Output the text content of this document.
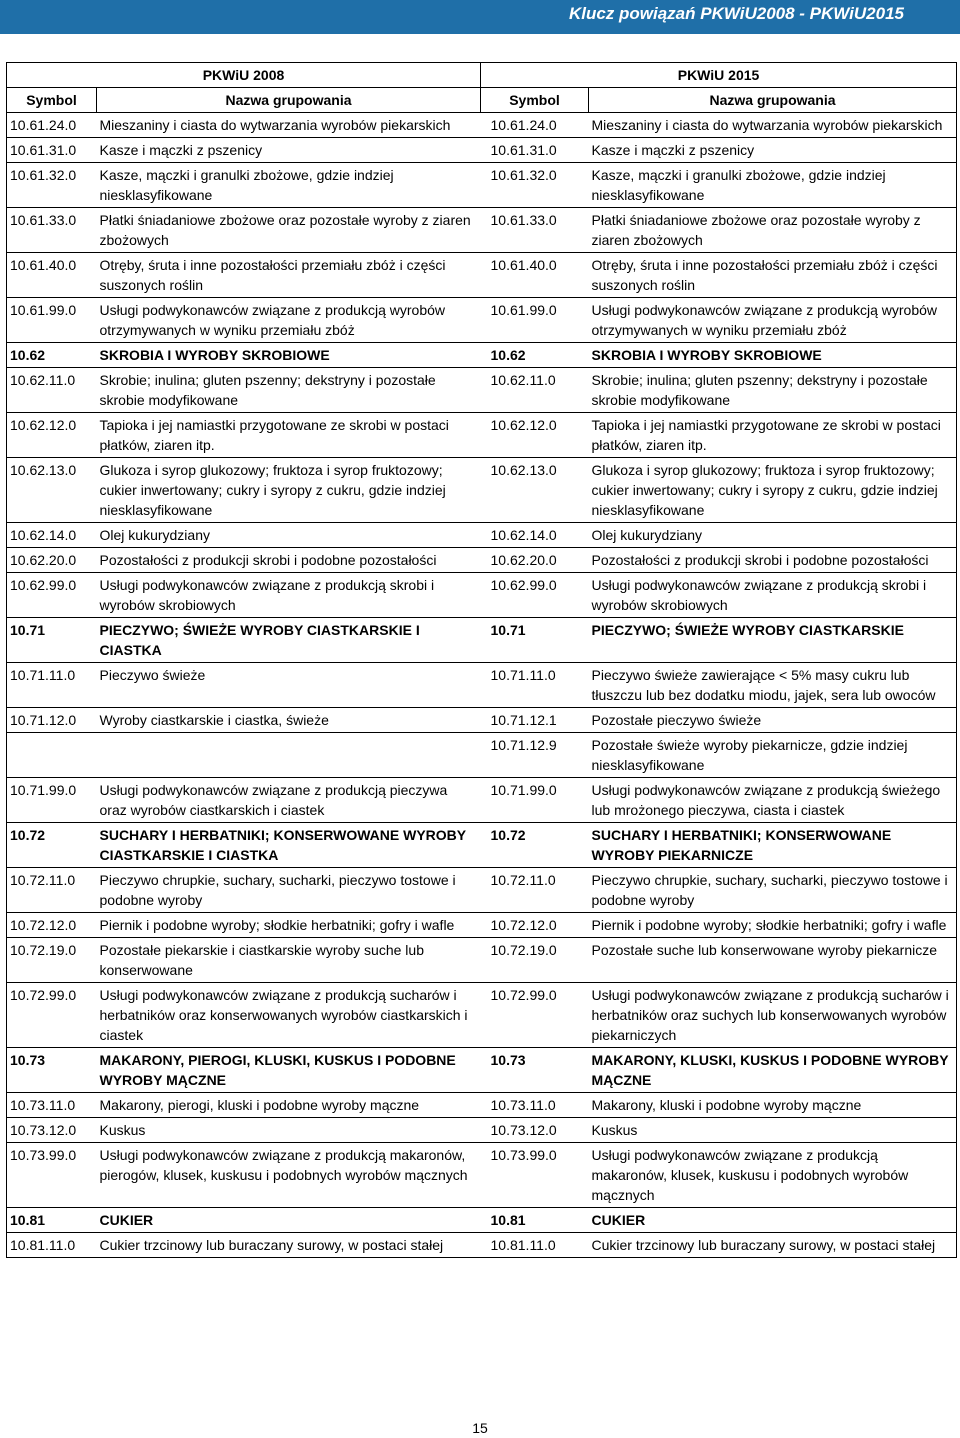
Klucz powiązań PKWiU2008 - PKWiU2015
PKWiU 2008		PKWiU 2015	
Symbol	Nazwa grupowania	Symbol	Nazwa grupowania
10.61.24.0	Mieszaniny i ciasta do wytwarzania wyrobów piekarskich	10.61.24.0	Mieszaniny i ciasta do wytwarzania wyrobów piekarskich
10.61.31.0	Kasze i mączki z pszenicy	10.61.31.0	Kasze i mączki z pszenicy
10.61.32.0	Kasze, mączki i granulki zbożowe, gdzie indziej niesklasyfikowane	10.61.32.0	Kasze, mączki i granulki zbożowe, gdzie indziej niesklasyfikowane
10.61.33.0	Płatki śniadaniowe zbożowe oraz pozostałe wyroby z ziaren zbożowych	10.61.33.0	Płatki śniadaniowe zbożowe oraz pozostałe wyroby z ziaren zbożowych
10.61.40.0	Otręby, śruta i inne pozostałości przemiału zbóż i części suszonych roślin	10.61.40.0	Otręby, śruta i inne pozostałości przemiału zbóż i części suszonych roślin
10.61.99.0	Usługi podwykonawców związane z produkcją wyrobów otrzymywanych w wyniku przemiału zbóż	10.61.99.0	Usługi podwykonawców związane z produkcją wyrobów otrzymywanych w wyniku przemiału zbóż
10.62	SKROBIA I WYROBY SKROBIOWE	10.62	SKROBIA I WYROBY SKROBIOWE
10.62.11.0	Skrobie; inulina; gluten pszenny; dekstryny i pozostałe skrobie modyfikowane	10.62.11.0	Skrobie; inulina; gluten pszenny; dekstryny i pozostałe skrobie modyfikowane
10.62.12.0	Tapioka i jej namiastki przygotowane ze skrobi w postaci płatków, ziaren itp.	10.62.12.0	Tapioka i jej namiastki przygotowane ze skrobi w postaci płatków, ziaren itp.
10.62.13.0	Glukoza i syrop glukozowy; fruktoza i syrop fruktozowy; cukier inwertowany; cukry i syropy z cukru, gdzie indziej niesklasyfikowane	10.62.13.0	Glukoza i syrop glukozowy; fruktoza i syrop fruktozowy; cukier inwertowany; cukry i syropy z cukru, gdzie indziej niesklasyfikowane
10.62.14.0	Olej kukurydziany	10.62.14.0	Olej kukurydziany
10.62.20.0	Pozostałości z produkcji skrobi i podobne pozostałości	10.62.20.0	Pozostałości z produkcji skrobi i podobne pozostałości
10.62.99.0	Usługi podwykonawców związane z produkcją skrobi i wyrobów skrobiowych	10.62.99.0	Usługi podwykonawców związane z produkcją skrobi i wyrobów skrobiowych
10.71	PIECZYWO; ŚWIEŻE WYROBY CIASTKARSKIE I CIASTKA	10.71	PIECZYWO; ŚWIEŻE WYROBY CIASTKARSKIE
10.71.11.0	Pieczywo świeże	10.71.11.0	Pieczywo świeże zawierające < 5% masy cukru lub tłuszczu lub bez dodatku miodu, jajek, sera lub owoców
10.71.12.0	Wyroby ciastkarskie i ciastka, świeże	10.71.12.1	Pozostałe pieczywo świeże
		10.71.12.9	Pozostałe świeże wyroby piekarnicze, gdzie indziej niesklasyfikowane
10.71.99.0	Usługi podwykonawców związane z produkcją pieczywa oraz wyrobów ciastkarskich i ciastek	10.71.99.0	Usługi podwykonawców związane z produkcją świeżego lub mrożonego pieczywa, ciasta i ciastek
10.72	SUCHARY I HERBATNIKI; KONSERWOWANE WYROBY CIASTKARSKIE I CIASTKA	10.72	SUCHARY I HERBATNIKI; KONSERWOWANE WYROBY PIEKARNICZE
10.72.11.0	Pieczywo chrupkie, suchary, sucharki, pieczywo tostowe i podobne wyroby	10.72.11.0	Pieczywo chrupkie, suchary, sucharki, pieczywo tostowe i podobne wyroby
10.72.12.0	Piernik i podobne wyroby; słodkie herbatniki; gofry i wafle	10.72.12.0	Piernik i podobne wyroby; słodkie herbatniki; gofry i wafle
10.72.19.0	Pozostałe piekarskie i ciastkarskie wyroby suche lub konserwowane	10.72.19.0	Pozostałe suche lub konserwowane wyroby piekarnicze
10.72.99.0	Usługi podwykonawców związane z produkcją sucharów i herbatników oraz konserwowanych wyrobów ciastkarskich i ciastek	10.72.99.0	Usługi podwykonawców związane z produkcją sucharów i herbatników oraz suchych lub konserwowanych wyrobów piekarniczych
10.73	MAKARONY, PIEROGI, KLUSKI, KUSKUS I PODOBNE WYROBY MĄCZNE	10.73	MAKARONY, KLUSKI, KUSKUS I PODOBNE WYROBY MĄCZNE
10.73.11.0	Makarony, pierogi, kluski i podobne wyroby mączne	10.73.11.0	Makarony, kluski i podobne wyroby mączne
10.73.12.0	Kuskus	10.73.12.0	Kuskus
10.73.99.0	Usługi podwykonawców związane z produkcją makaronów, pierogów, klusek, kuskusu i podobnych wyrobów mącznych	10.73.99.0	Usługi podwykonawców związane z produkcją makaronów, klusek, kuskusu i podobnych wyrobów mącznych
10.81	CUKIER	10.81	CUKIER
10.81.11.0	Cukier trzcinowy lub buraczany surowy, w postaci stałej	10.81.11.0	Cukier trzcinowy lub buraczany surowy, w postaci stałej
15
